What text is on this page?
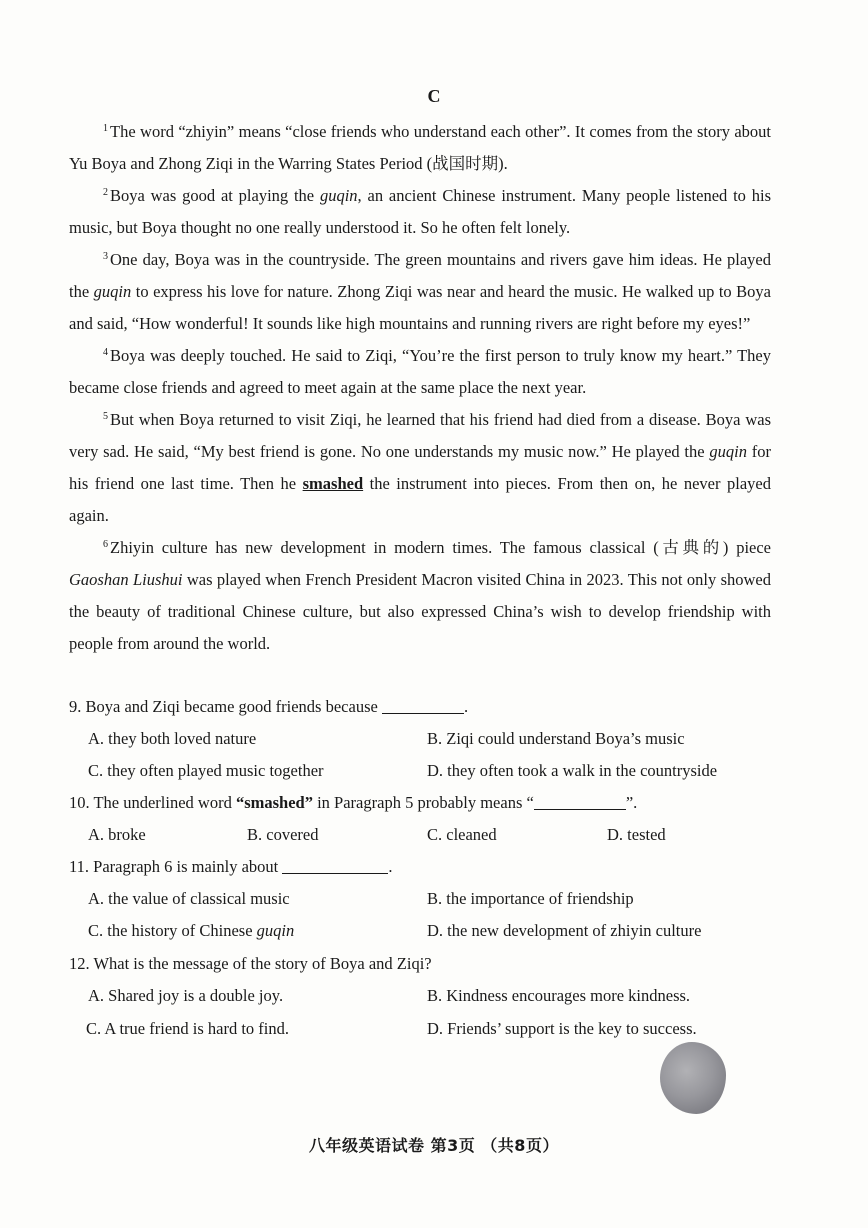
C

$^1$ The word “zhiyin” means “close friends who understand each other”. It comes from the story about Yu Boya and Zhong Ziqi in the Warring States Period (战国时期).

$^2$ Boya was good at playing the guqin, an ancient Chinese instrument. Many people listened to his music, but Boya thought no one really understood it. So he often felt lonely.

$^3$ One day, Boya was in the countryside. The green mountains and rivers gave him ideas. He played the guqin to express his love for nature. Zhong Ziqi was near and heard the music. He walked up to Boya and said, “How wonderful! It sounds like high mountains and running rivers are right before my eyes!”

$^4$ Boya was deeply touched. He said to Ziqi, “You’re the first person to truly know my heart.” They became close friends and agreed to meet again at the same place the next year.

$^5$ But when Boya returned to visit Ziqi, he learned that his friend had died from a disease. Boya was very sad. He said, “My best friend is gone. No one understands my music now.” He played the guqin for his friend one last time. Then he smashed the instrument into pieces. From then on, he never played again.

$^6$ Zhiyin culture has new development in modern times. The famous classical (古典的) piece Gaoshan Liushui was played when French President Macron visited China in 2023. This not only showed the beauty of traditional Chinese culture, but also expressed China’s wish to develop friendship with people from around the world.

9. Boya and Ziqi became good friends because	.
A. they both loved nature	B. Ziqi could understand Boya’s music
C. they often played music together	D. they often took a walk in the countryside
10. The underlined word “smashed” in Paragraph 5 probably means “	”.
A. broke	B. covered	C. cleaned	D. tested
11. Paragraph 6 is mainly about	.
A. the value of classical music	B. the importance of friendship
C. the history of Chinese guqin	D. the new development of zhiyin culture
12. What is the message of the story of Boya and Ziqi?
A. Shared joy is a double joy.	B. Kindness encourages more kindness.
C. A true friend is hard to find.	D. Friends’ support is the key to success.
八年级英语试卷 第3页 （共8页）
